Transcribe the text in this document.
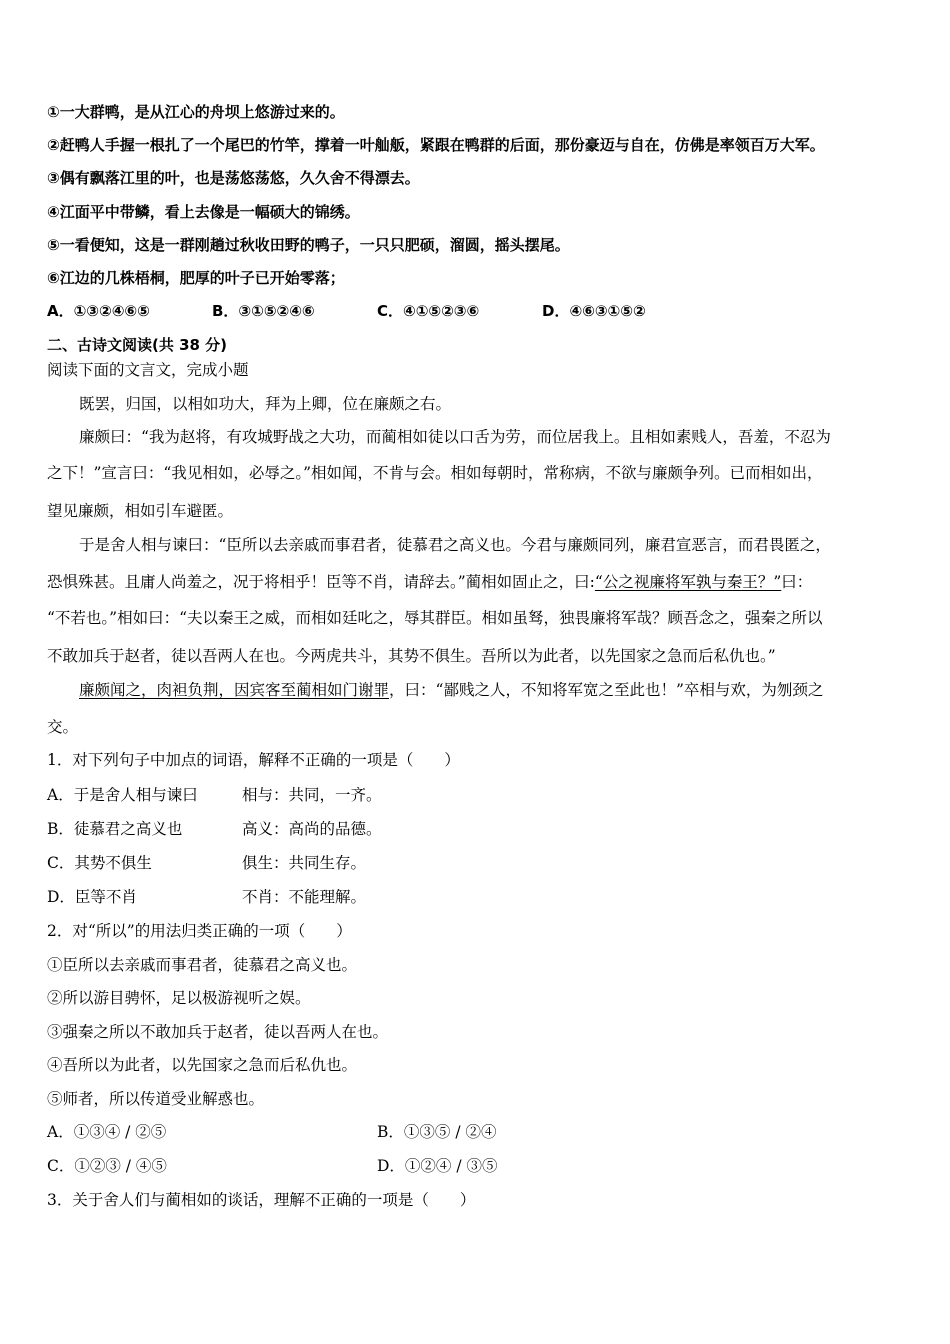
①一大群鸭，是从江心的舟坝上悠游过来的。
②赶鸭人手握一根扎了一个尾巴的竹竿，撑着一叶舢舨，紧跟在鸭群的后面，那份豪迈与自在，仿佛是率领百万大军。
③偶有飘落江里的叶，也是荡悠荡悠，久久舍不得漂去。
④江面平中带鳞，看上去像是一幅硕大的锦绣。
⑤一看便知，这是一群刚趟过秋收田野的鸭子，一只只肥硕，溜圆，摇头摆尾。
⑥江边的几株梧桐，肥厚的叶子已开始零落；
A．①③②④⑥⑤	B．③①⑤②④⑥	C．④①⑤②③⑥	D．④⑥③①⑤②
二、古诗文阅读(共 38 分)
阅读下面的文言文，完成小题
既罢，归国，以相如功大，拜为上卿，位在廉颇之右。
廉颇曰：“我为赵将，有攻城野战之大功，而蔺相如徒以口舌为劳，而位居我上。且相如素贱人，吾羞，不忍为
之下！”宣言曰：“我见相如，必辱之。”相如闻，不肯与会。相如每朝时，常称病，不欲与廉颇争列。已而相如出，
望见廉颇，相如引车避匿。
于是舍人相与谏曰：“臣所以去亲戚而事君者，徒慕君之高义也。今君与廉颇同列，廉君宣恶言，而君畏匿之，
恐惧殊甚。且庸人尚羞之，况于将相乎！臣等不肖，请辞去。”蔺相如固止之，曰:“公之视廉将军孰与秦王？”曰：
“不若也。”相如曰：“夫以秦王之威，而相如廷叱之，辱其群臣。相如虽驽，独畏廉将军哉？顾吾念之，强秦之所以
不敢加兵于赵者，徒以吾两人在也。今两虎共斗，其势不俱生。吾所以为此者，以先国家之急而后私仇也。”
廉颇闻之，肉袒负荆，因宾客至蔺相如门谢罪，曰：“鄙贱之人，不知将军宽之至此也！”卒相与欢，为刎颈之
交。
1．对下列句子中加点的词语，解释不正确的一项是（　　）
A．于是舍人相与谏曰	相与：共同，一齐。
B．徒慕君之高义也	高义：高尚的品德。
C．其势不俱生	俱生：共同生存。
D．臣等不肖	不肖：不能理解。
2．对“所以”的用法归类正确的一项（　　）
①臣所以去亲戚而事君者，徒慕君之高义也。
②所以游目骋怀，足以极游视听之娱。
③强秦之所以不敢加兵于赵者，徒以吾两人在也。
④吾所以为此者，以先国家之急而后私仇也。
⑤师者，所以传道受业解惑也。
A．①③④ / ②⑤	B．①③⑤ / ②④
C．①②③ / ④⑤	D．①②④ / ③⑤
3．关于舍人们与蔺相如的谈话，理解不正确的一项是（　　）
